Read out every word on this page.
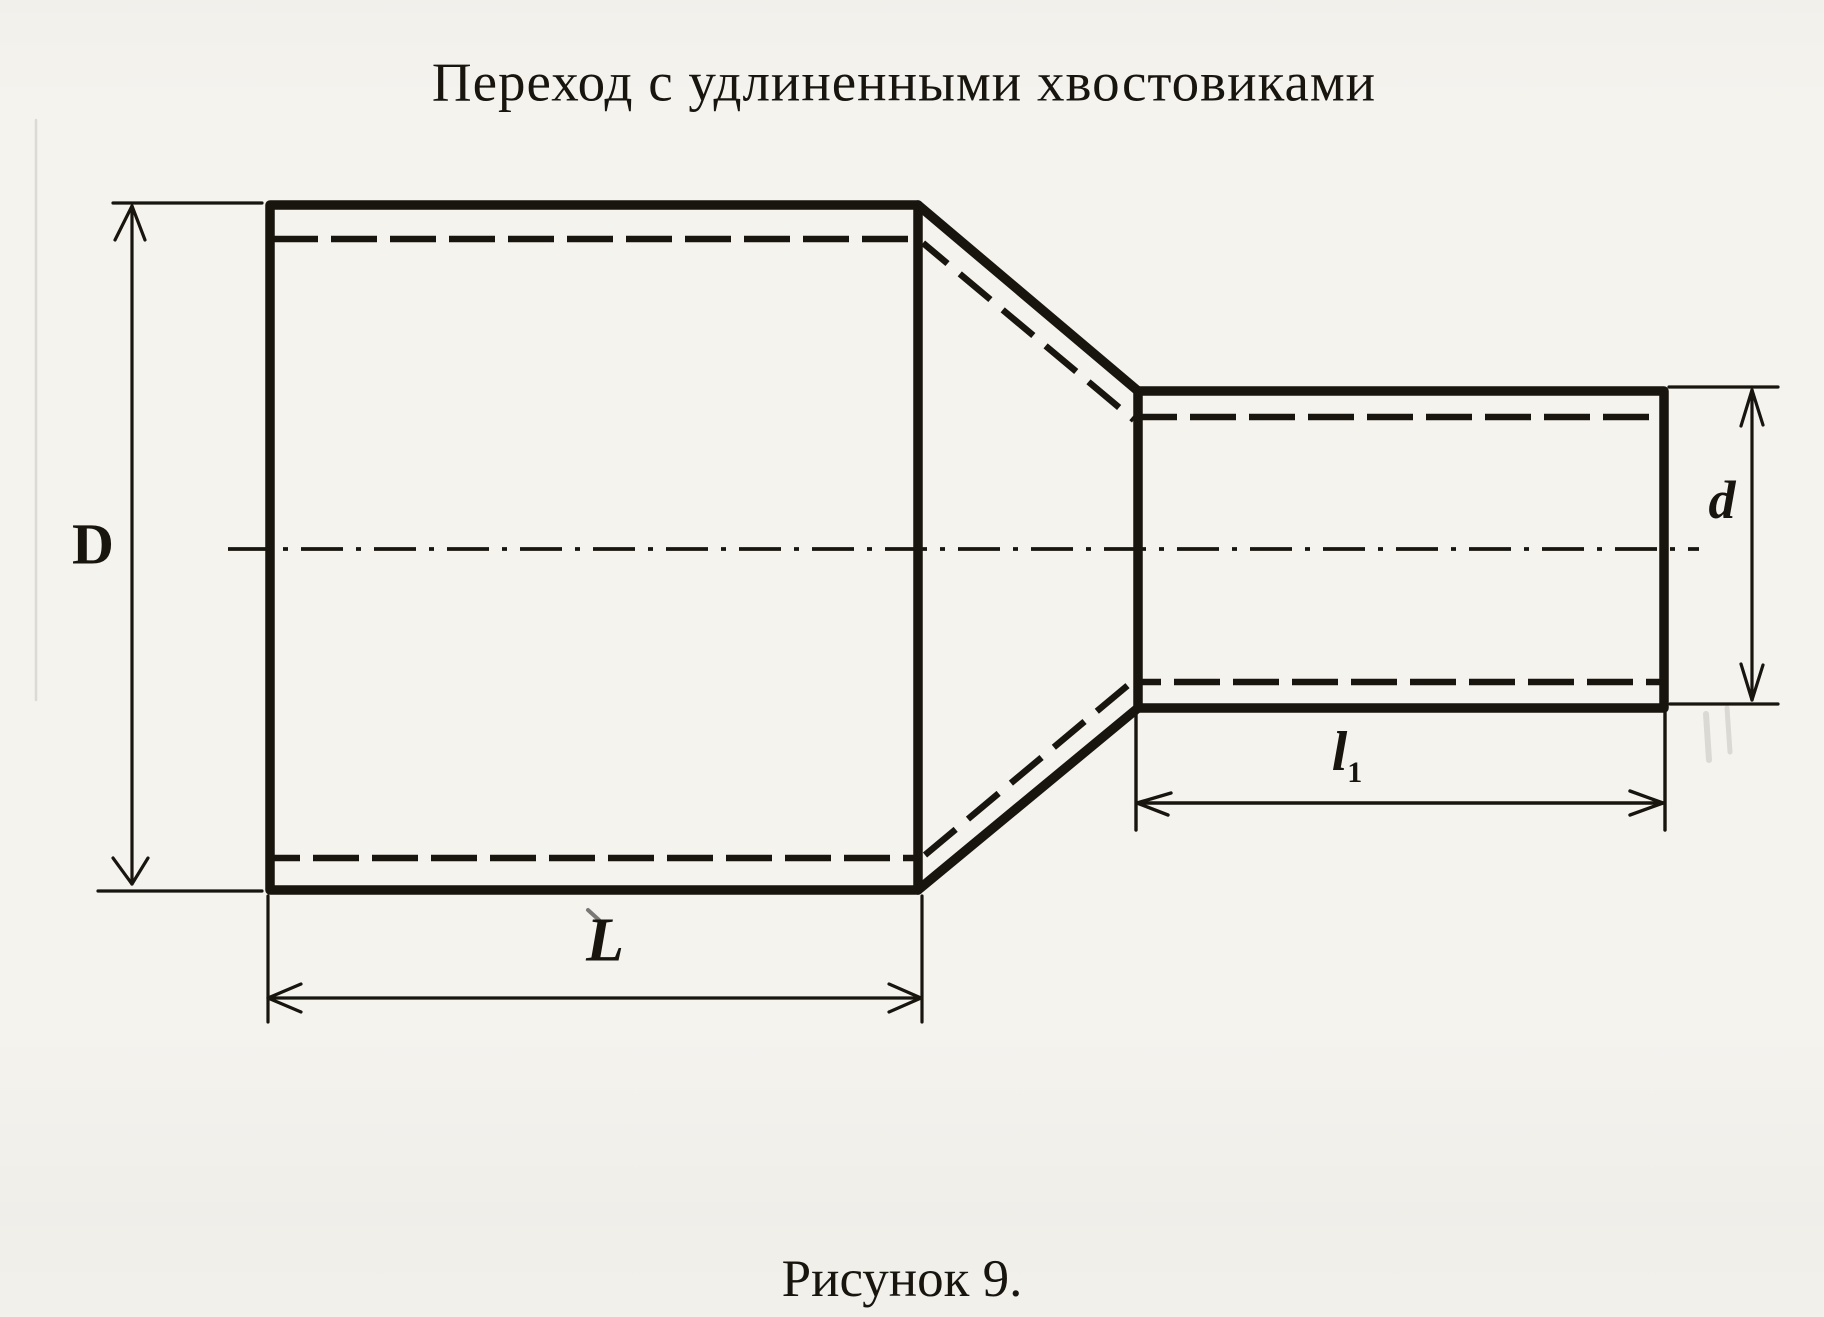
Переход с удлиненными хвостовиками
D
L
d
$l_1$
Рисунок 9.
